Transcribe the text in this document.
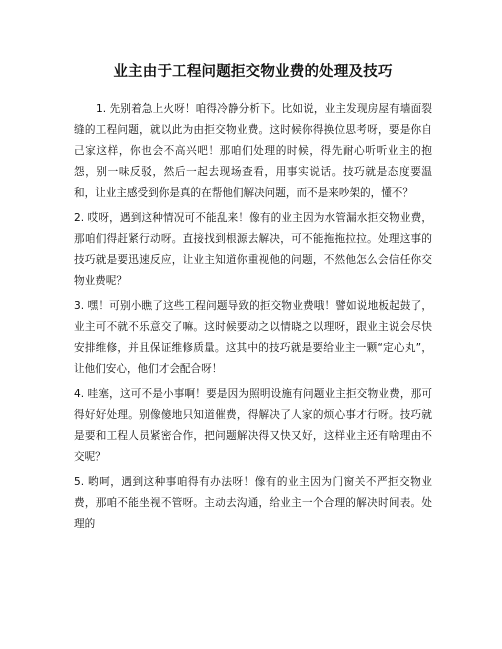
业主由于工程问题拒交物业费的处理及技巧

1. 先别着急上火呀！咱得冷静分析下。比如说，业主发现房屋有墙面裂缝的工程问题，就以此为由拒交物业费。这时候你得换位思考呀，要是你自己家这样，你也会不高兴吧！那咱们处理的时候，得先耐心听听业主的抱怨，别一味反驳，然后一起去现场查看，用事实说话。技巧就是态度要温和，让业主感受到你是真的在帮他们解决问题，而不是来吵架的，懂不？

2. 哎呀，遇到这种情况可不能乱来！像有的业主因为水管漏水拒交物业费，那咱们得赶紧行动呀。直接找到根源去解决，可不能拖拖拉拉。处理这事的技巧就是要迅速反应，让业主知道你重视他的问题，不然他怎么会信任你交物业费呢？

3. 嘿！可别小瞧了这些工程问题导致的拒交物业费哦！譬如说地板起鼓了，业主可不就不乐意交了嘛。这时候要动之以情晓之以理呀，跟业主说会尽快安排维修，并且保证维修质量。这其中的技巧就是要给业主一颗“定心丸”，让他们安心，他们才会配合呀！

4. 哇塞，这可不是小事啊！要是因为照明设施有问题业主拒交物业费，那可得好好处理。别像傻地只知道催费，得解决了人家的烦心事才行呀。技巧就是要和工程人员紧密合作，把问题解决得又快又好，这样业主还有啥理由不交呢？

5. 哟呵，遇到这种事咱得有办法呀！像有的业主因为门窗关不严拒交物业费，那咱不能坐视不管呀。主动去沟通，给业主一个合理的解决时间表。处理的
